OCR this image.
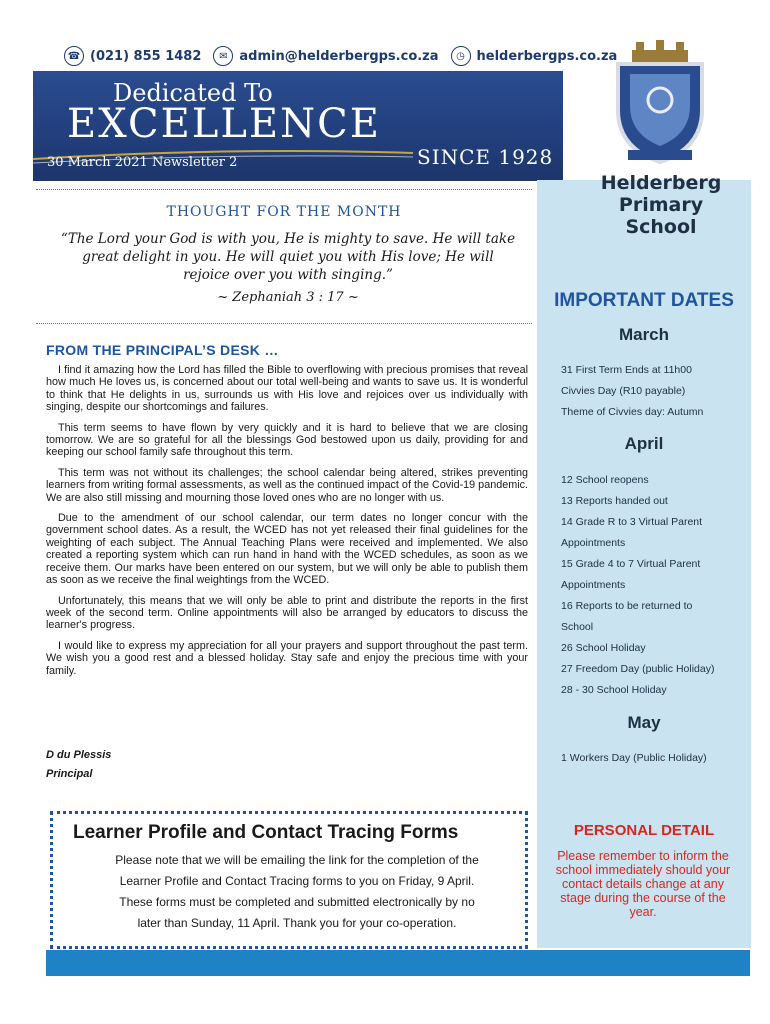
☎ (021) 855 1482	✉ admin@helderbergps.co.za	◷ helderbergps.co.za
Dedicated To
EXCELLENCE
SINCE 1928
30 March 2021 Newsletter 2
Helderberg
Primary
School
THOUGHT FOR THE MONTH
“The Lord your God is with you, He is mighty to save. He will take great delight in you. He will quiet you with His love; He will rejoice over you with singing.”
~ Zephaniah 3 : 17 ~
FROM THE PRINCIPAL’S DESK …

I find it amazing how the Lord has filled the Bible to overflowing with precious promises that reveal how much He loves us, is concerned about our total well-being and wants to save us. It is wonderful to think that He delights in us, surrounds us with His love and rejoices over us individually with singing, despite our shortcomings and failures.

This term seems to have flown by very quickly and it is hard to believe that we are closing tomorrow. We are so grateful for all the blessings God bestowed upon us daily, providing for and keeping our school family safe throughout this term.

This term was not without its challenges; the school calendar being altered, strikes preventing learners from writing formal assessments, as well as the continued impact of the Covid-19 pandemic. We are also still missing and mourning those loved ones who are no longer with us.

Due to the amendment of our school calendar, our term dates no longer concur with the government school dates. As a result, the WCED has not yet released their final guidelines for the weighting of each subject. The Annual Teaching Plans were received and implemented. We also created a reporting system which can run hand in hand with the WCED schedules, as soon as we receive them. Our marks have been entered on our system, but we will only be able to publish them as soon as we receive the final weightings from the WCED.

Unfortunately, this means that we will only be able to print and distribute the reports in the first week of the second term. Online appointments will also be arranged by educators to discuss the learner's progress.

I would like to express my appreciation for all your prayers and support throughout the past term. We wish you a good rest and a blessed holiday. Stay safe and enjoy the precious time with your family.

D du Plessis
Principal
Learner Profile and Contact Tracing Forms
Please note that we will be emailing the link for the completion of the
Learner Profile and Contact Tracing forms to you on Friday, 9 April.
These forms must be completed and submitted electronically by no
later than Sunday, 11 April. Thank you for your co-operation.
IMPORTANT DATES
March
31 First Term Ends at 11h00
Civvies Day (R10 payable)
Theme of Civvies day: Autumn
April
12 School reopens
13 Reports handed out
14 Grade R to 3 Virtual Parent
Appointments
15 Grade 4 to 7 Virtual Parent
Appointments
16 Reports to be returned to
School
26 School Holiday
27 Freedom Day (public Holiday)
28 - 30 School Holiday
May
1 Workers Day (Public Holiday)
PERSONAL DETAIL
Please remember to inform the school immediately should your contact details change at any stage during the course of the year.
